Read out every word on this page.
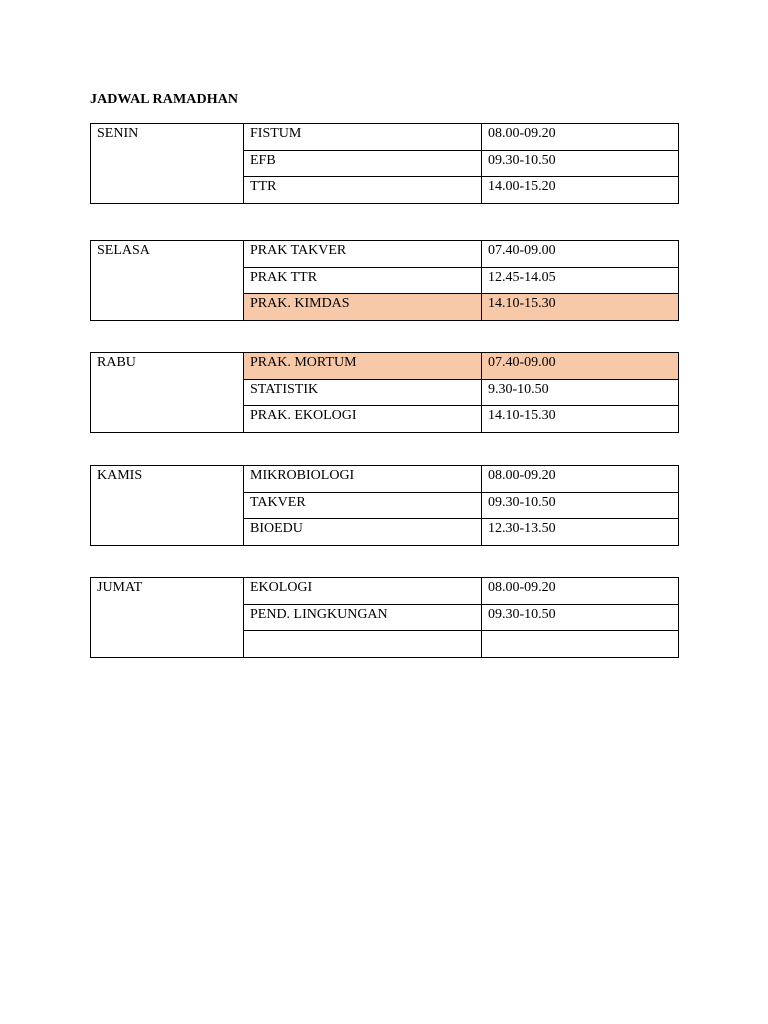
JADWAL RAMADHAN
SENIN	FISTUM	08.00-09.20
	EFB	09.30-10.50
	TTR	14.00-15.20
SELASA	PRAK TAKVER	07.40-09.00
	PRAK TTR	12.45-14.05
	PRAK. KIMDAS	14.10-15.30
RABU	PRAK. MORTUM	07.40-09.00
	STATISTIK	9.30-10.50
	PRAK. EKOLOGI	14.10-15.30
KAMIS	MIKROBIOLOGI	08.00-09.20
	TAKVER	09.30-10.50
	BIOEDU	12.30-13.50
JUMAT	EKOLOGI	08.00-09.20
	PEND. LINGKUNGAN	09.30-10.50
